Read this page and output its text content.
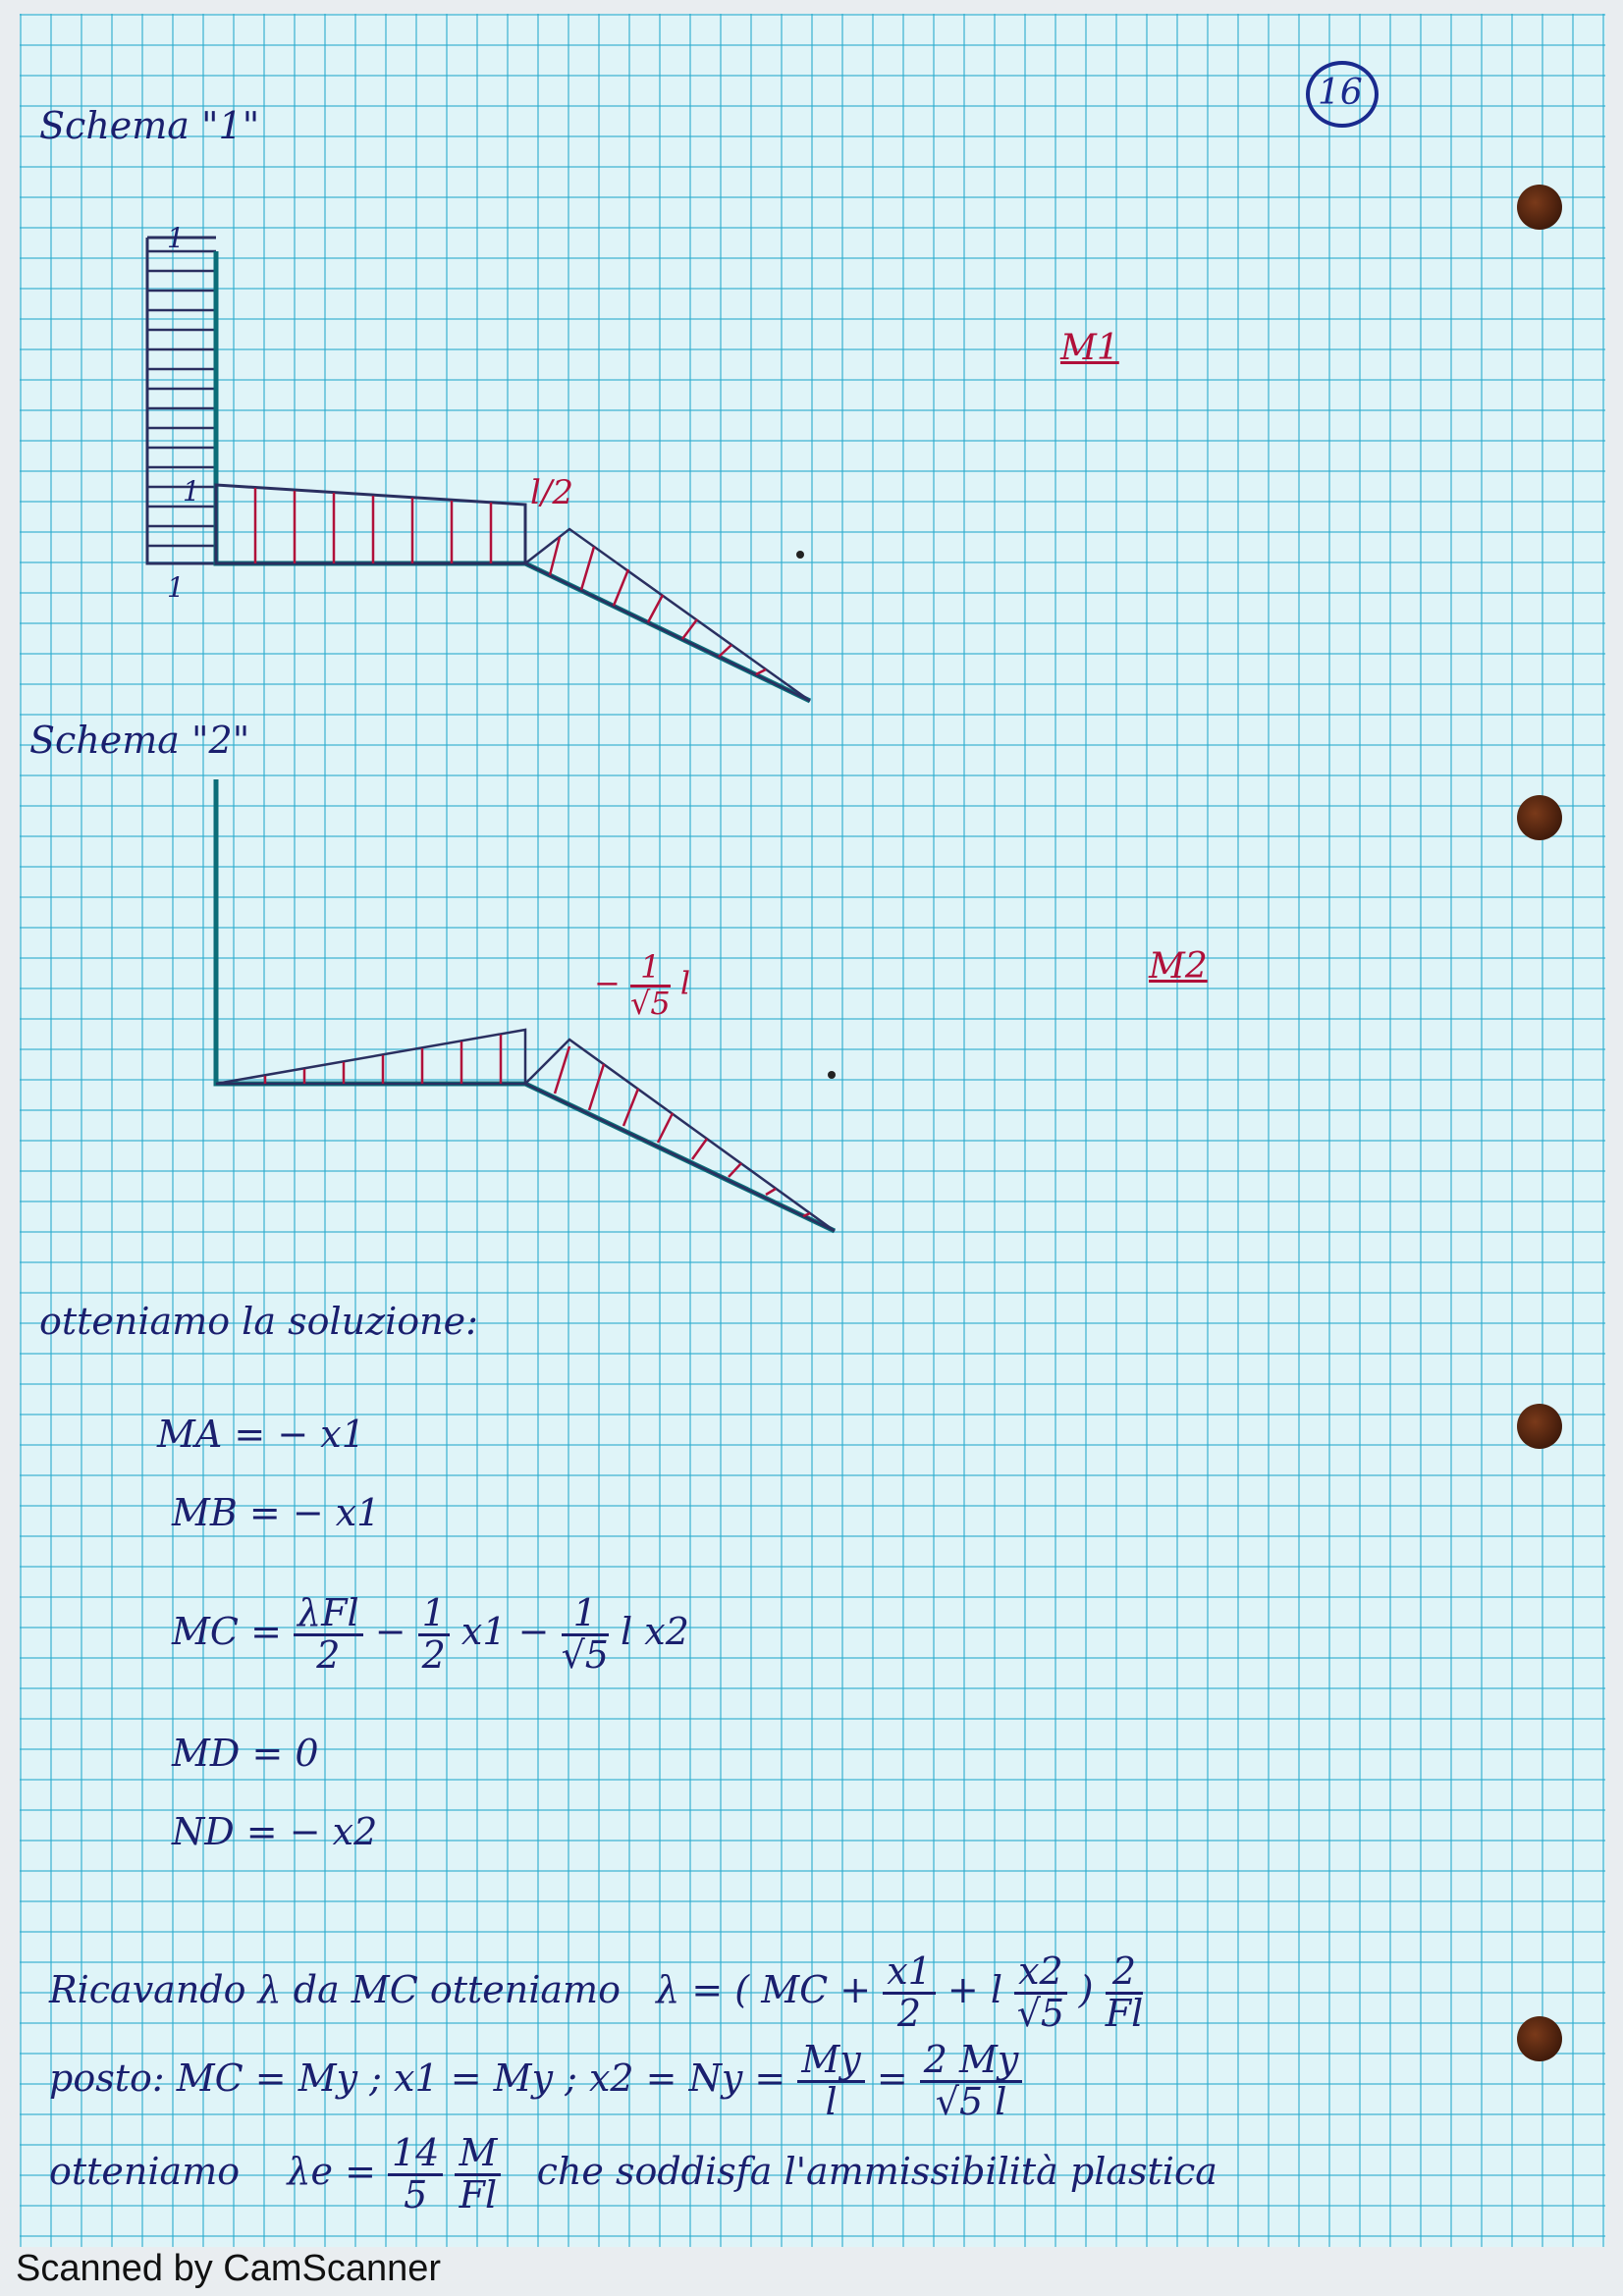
16
Schema "1"
1
1
1
l/2
M1
Schema "2"
− $\frac{1}{√5}$ l	M2
otteniamo la soluzione:
MA = − x1
MB = − x1
MC = $\frac{\text{λFl}}{2} - \frac{1}{2} x1 - \frac{1}{√5}$ l x2
MD = 0
ND = − x2
Ricavando λ da MC otteniamo λ = ( MC + $\frac{x1}{2} + l \frac{x2}{√5}$ ) $\frac{2}{Fl}$
posto: MC = My ; x1 = My ; $x2 = Ny = \frac{My}{l} = \frac{2 My}{√5 l}$
otteniamo $\lambda e = \frac{14}{5}$
$\frac{M}{Fl}$ che soddisfa l'ammissibilità plastica
Scanned by CamScanner
